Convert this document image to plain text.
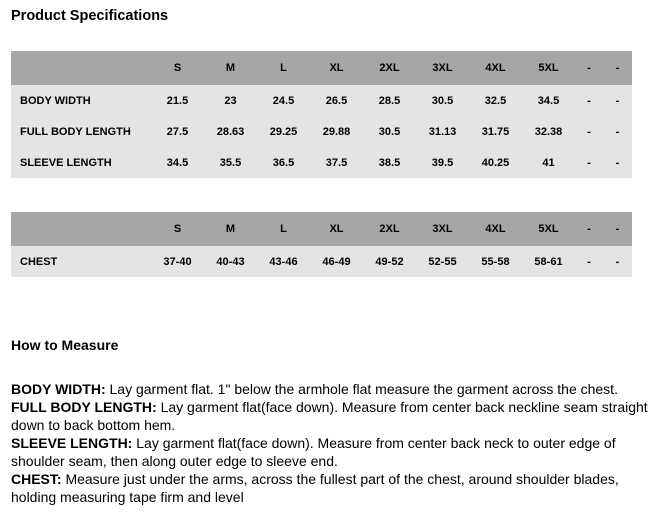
Product Specifications
	S	M	L	XL	2XL	3XL	4XL	5XL	-	-
BODY WIDTH	21.5	23	24.5	26.5	28.5	30.5	32.5	34.5	-	-
FULL BODY LENGTH	27.5	28.63	29.25	29.88	30.5	31.13	31.75	32.38	-	-
SLEEVE LENGTH	34.5	35.5	36.5	37.5	38.5	39.5	40.25	41	-	-
	S	M	L	XL	2XL	3XL	4XL	5XL	-	-
CHEST	37-40	40-43	43-46	46-49	49-52	52-55	55-58	58-61	-	-
How to Measure

BODY WIDTH: Lay garment flat. 1" below the armhole flat measure the garment across the chest.

FULL BODY LENGTH: Lay garment flat(face down). Measure from center back neckline seam straight down to back bottom hem.

SLEEVE LENGTH: Lay garment flat(face down). Measure from center back neck to outer edge of shoulder seam, then along outer edge to sleeve end.

CHEST: Measure just under the arms, across the fullest part of the chest, around shoulder blades, holding measuring tape firm and level
